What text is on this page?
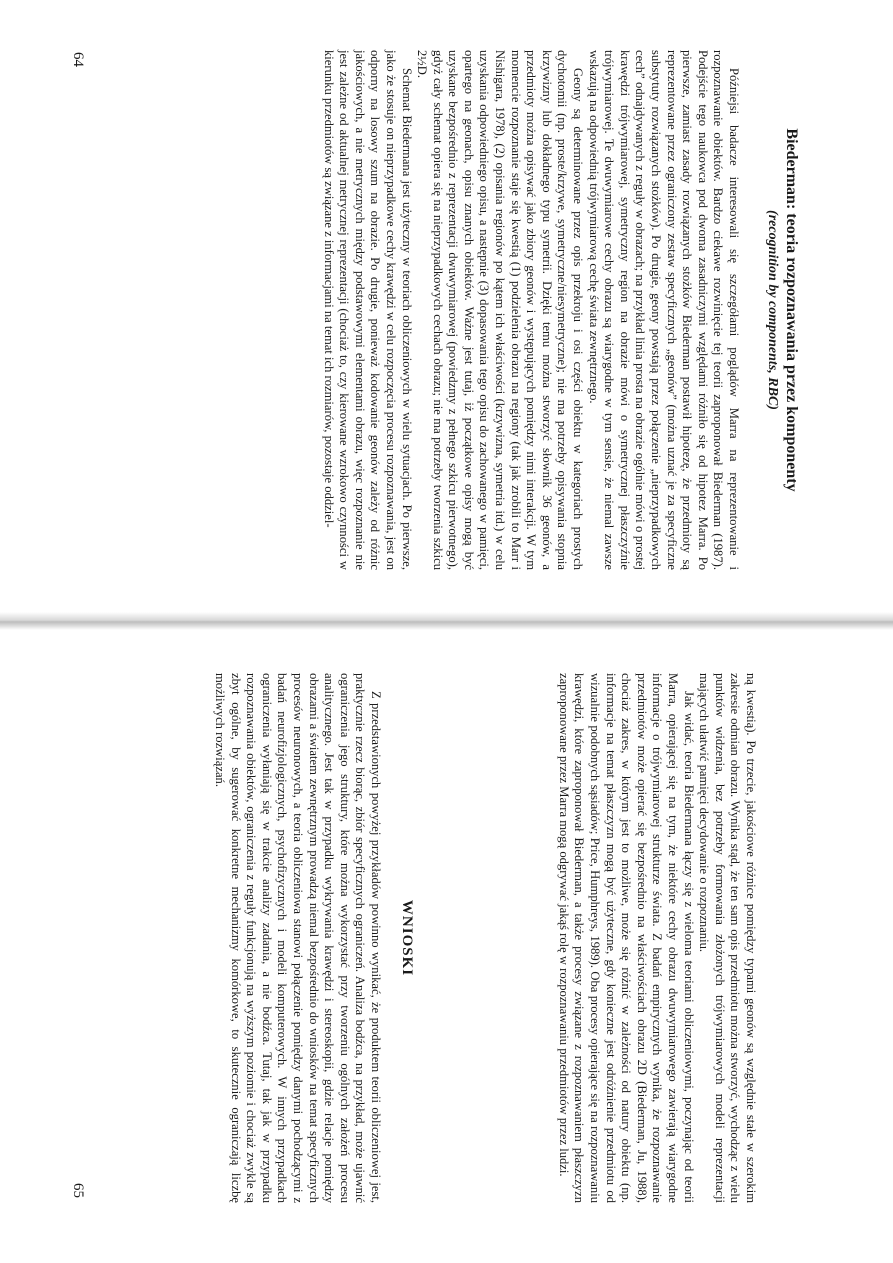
Biederman: teoria rozpoznawania przez komponenty
(recognition by components, RBC)

Późniejsi badacze interesowali się szczegółami poglądów Marra na reprezentowanie i rozpoznawanie obiektów. Bardzo ciekawe rozwinięcie tej teorii zaproponował Biederman (1987). Podejście tego naukowca pod dwoma zasadniczymi względami różniło się od hipotez Marra. Po pierwsze, zamiast zasady rozwiązanych stożków Biederman postawił hipotezę, że przedmioty są reprezentowane przez ograniczony zestaw specyficznych „geonów” (można uznać je za specyficzne substytuty rozwiązanych stożków). Po drugie, geony powstają przez połączenie „nieprzypadkowych cech” odnajdywanych z reguły w obrazach; na przykład linia prosta na obrazie ogólnie mówi o prostej krawędzi trójwymiarowej, symetryczny region na obrazie mówi o symetrycznej płaszczyźnie trójwymiarowej. Te dwuwymiarowe cechy obrazu są wiarygodne w tym sensie, że niemal zawsze wskazują na odpowiednią trójwymiarową cechę świata zewnętrznego.

Geony są determinowane przez opis przekroju i osi części obiektu w kategoriach prostych dychotomii (np. proste/krzywe, symetryczne/niesymetryczne); nie ma potrzeby opisywania stopnia krzywizny lub dokładnego typu symetrii. Dzięki temu można stworzyć słownik 36 geonów, a przedmioty można opisywać jako zbiory geonów i występujących pomiędzy nimi interakcji. W tym momencie rozpoznanie staje się kwestią (1) podzielenia obrazu na regiony (tak jak zrobili to Marr i Nishigara, 1978), (2) opisania regionów po kątem ich właściwości (krzywizna, symetria itd.) w celu uzyskania odpowiedniego opisu, a następnie (3) dopasowania tego opisu do zachowanego w pamięci, opartego na geonach, opisu znanych obiektów. Ważne jest tutaj, iż początkowe opisy mogą być uzyskane bezpośrednio z reprezentacji dwuwymiarowej (powiedzmy z pełnego szkicu pierwotnego), gdyż cały schemat opiera się na nieprzypadkowych cechach obrazu; nie ma potrzeby tworzenia szkicu 2½D.

Schemat Biedermana jest użyteczny w teoriach obliczeniowych w wielu sytuacjach. Po pierwsze, jako że stosuje on nieprzypadkowe cechy krawędzi w celu rozpoczęcia procesu rozpoznawania, jest on odporny na losowy szum na obrazie. Po drugie, ponieważ kodowanie geonów zależy od różnic jakościowych, a nie metrycznych między podstawowymi elementami obrazu, więc rozpoznanie nie jest zależne od aktualnej metrycznej reprezentacji (chociaż to, czy kierowane wzrokowo czynności w kierunku przedmiotów są związane z informacjami na temat ich rozmiarów, pozostaje oddziel-

64

ną kwestią). Po trzecie, jakościowe różnice pomiędzy typami geonów są względnie stałe w szerokim zakresie odmian obrazu. Wynika stąd, że ten sam opis przedmiotu można stworzyć, wychodząc z wielu punktów widzenia, bez potrzeby formowania złożonych trójwymiarowych modeli reprezentacji mających ułatwić pamięci decydowanie o rozpoznaniu.

Jak widać, teoria Biedermana łączy się z wieloma teoriami obliczeniowymi, poczynając od teorii Marra, opierającej się na tym, że niektóre cechy obrazu dwuwymiarowego zawierają wiarygodne informacje o trójwymiarowej strukturze świata. Z badań empirycznych wynika, że rozpoznawanie przedmiotów może opierać się bezpośrednio na właściwościach obrazu 2D (Biederman, Ju, 1988), chociaż zakres, w którym jest to możliwe, może się różnić w zależności od natury obiektu (np. informacje na temat płaszczyzn mogą być użyteczne, gdy konieczne jest odróżnienie przedmiotu od wizualnie podobnych sąsiadów; Price, Humphreys, 1989). Oba procesy opierające się na rozpoznawaniu krawędzi, które zaproponował Biederman, a także procesy związane z rozpoznawaniem płaszczyzn zaproponowane przez Marra mogą odgrywać jakąś rolę w rozpoznawaniu przedmiotów przez ludzi.

WNIOSKI

Z przedstawionych powyżej przykładów powinno wynikać, że produktem teorii obliczeniowej jest, praktycznie rzecz biorąc, zbiór specyficznych ograniczeń. Analiza bodźca, na przykład, może ujawnić ograniczenia jego struktury, które można wykorzystać przy tworzeniu ogólnych założeń procesu analitycznego. Jest tak w przypadku wykrywania krawędzi i stereoskopii, gdzie relacje pomiędzy obrazami a światem zewnętrznym prowadzą niemal bezpośrednio do wniosków na temat specyficznych procesów neuronowych, a teoria obliczeniowa stanowi połączenie pomiędzy danymi pochodzącymi z badań neurofizjologicznych, psychofizycznych i modeli komputerowych. W innych przypadkach ograniczenia wyłaniają się w trakcie analizy zadania, a nie bodźca. Tutaj, tak jak w przypadku rozpoznawania obiektów, ograniczenia z reguły funkcjonują na wyższym poziomie i chociaż zwykle są zbyt ogólne, by sugerować konkretne mechanizmy komórkowe, to skutecznie ograniczają liczbę możliwych rozwiązań.

65
